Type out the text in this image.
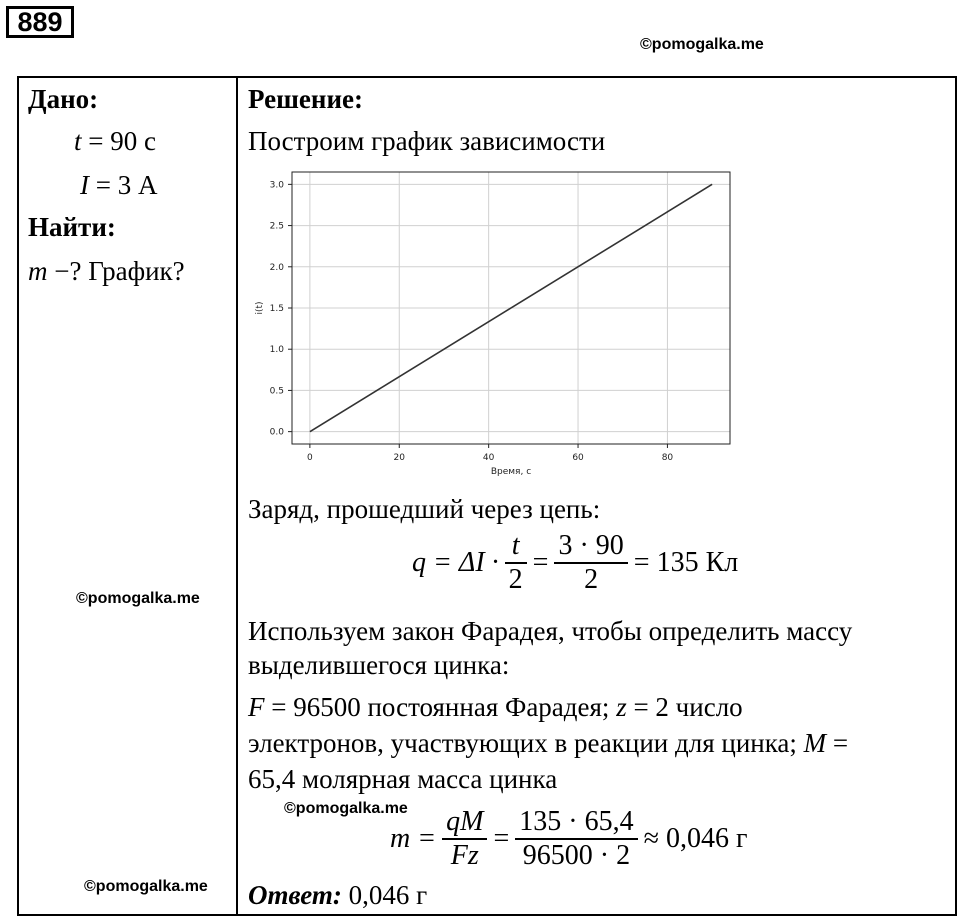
889
©pomogalka.me
Дано:
t = 90 с
I = 3 А
Найти:
m −? График?
©pomogalka.me
©pomogalka.me
Решение:
Построим график зависимости
0	20	40	60	80
0.0
0.5
1.0
1.5
2.0
2.5
3.0
Время, с
i(t)
Заряд, прошедший через цепь:
$q = \Delta I \cdot \frac{t}{2} = \frac{3 \cdot 90}{2} = 135$ Кл
Используем закон Фарадея, чтобы определить массу
выделившегося цинка:
F = 96500 постоянная Фарадея; z = 2 число
электронов, участвующих в реакции для цинка; M =
65,4 молярная масса цинка
©pomogalka.me
$m = \frac{qM}{Fz} = \frac{135 \cdot 65,4}{96500 \cdot 2} \approx 0,046$ г
Ответ: 0,046 г
